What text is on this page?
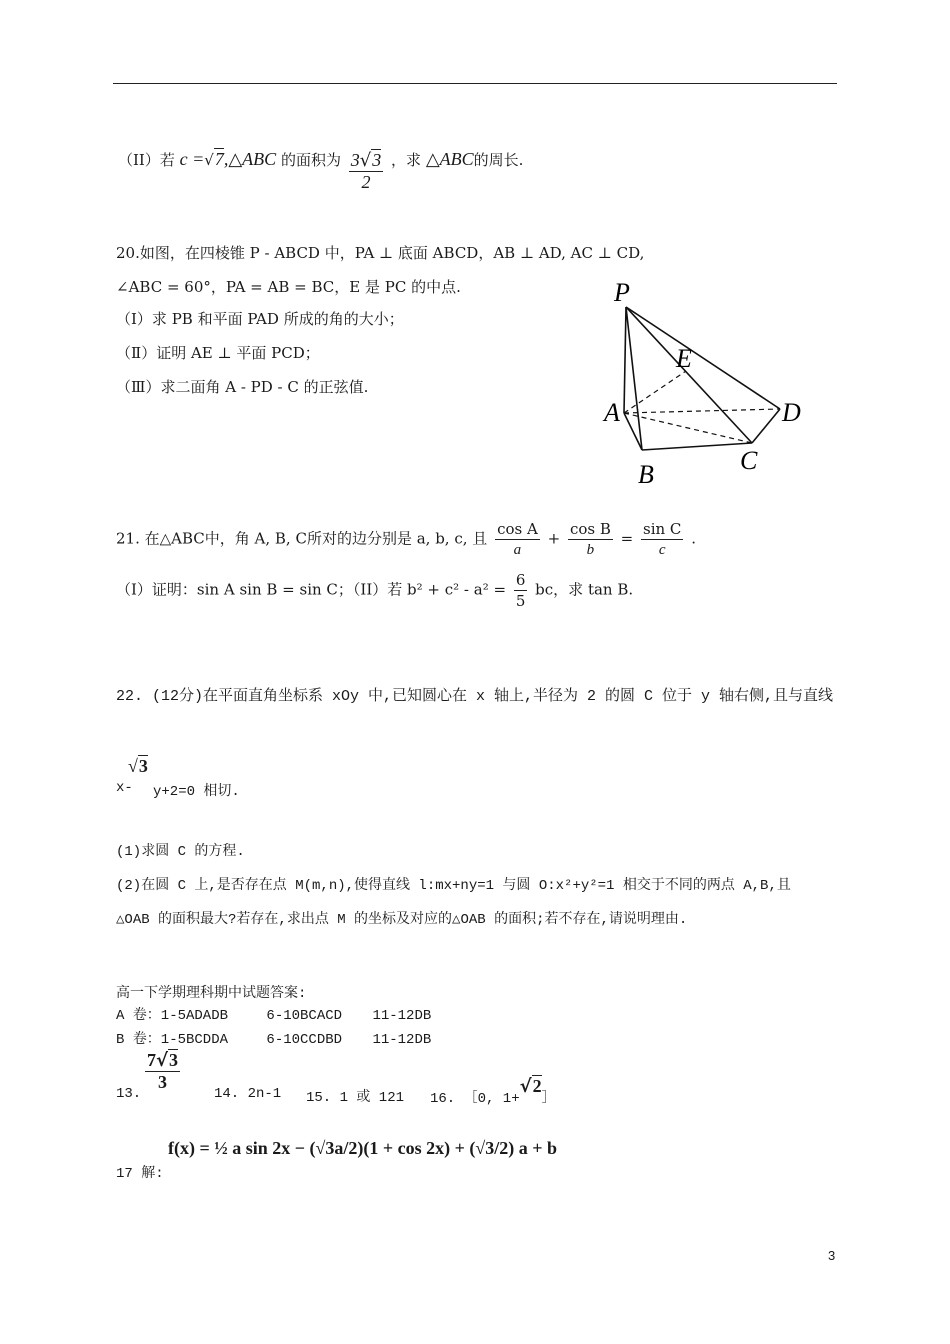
（II）若 c =√7,△ABC 的面积为 $\frac{3√3}{2}$ ，求 △ABC的周长.
20.如图，在四棱锥 P - ABCD 中，PA ⊥ 底面 ABCD，AB ⊥ AD, AC ⊥ CD,
∠ABC = 60°，PA = AB = BC，E 是 PC 的中点.
（Ⅰ）求 PB 和平面 PAD 所成的角的大小；
（Ⅱ）证明 AE ⊥ 平面 PCD；
（Ⅲ）求二面角 A - PD - C 的正弦值.
P
E
A	D
B	C
21. 在△ABC中，角 A, B, C所对的边分别是 a, b, c, 且 $\frac{\text{cos A}}{a} + \frac{\text{cos B}}{b} = \frac{\text{sin C}}{c}$ .
（I）证明：sin A sin B = sin C；（II）若 $b^2 + c^2 - a^2 = \frac{6}{5}$ bc，求 tan B.
22. (12分)在平面直角坐标系 xOy 中,已知圆心在 x 轴上,半径为 2 的圆 C 位于 y 轴右侧,且与直线
√3
x- y+2=0 相切.
(1)求圆 C 的方程.
(2)在圆 C 上,是否存在点 M(m,n),使得直线 l:mx+ny=1 与圆 O:x²+y²=1 相交于不同的两点 A,B,且
△OAB 的面积最大?若存在,求出点 M 的坐标及对应的△OAB 的面积;若不存在,请说明理由.
高一下学期理科期中试题答案:
A 卷：1-5ADADB	6-10BCACD 11-12DB
B 卷：1-5BCDDA	6-10CCDBD 11-12DB
13.
$\frac{7√3}{3}$
14. 2n-1 15. 1 或 121 16. ［0, 1+√2］
17 解:
f(x) = ½ a sin 2x − (√3a/2)(1 + cos 2x) + (√3/2) a + b
3
